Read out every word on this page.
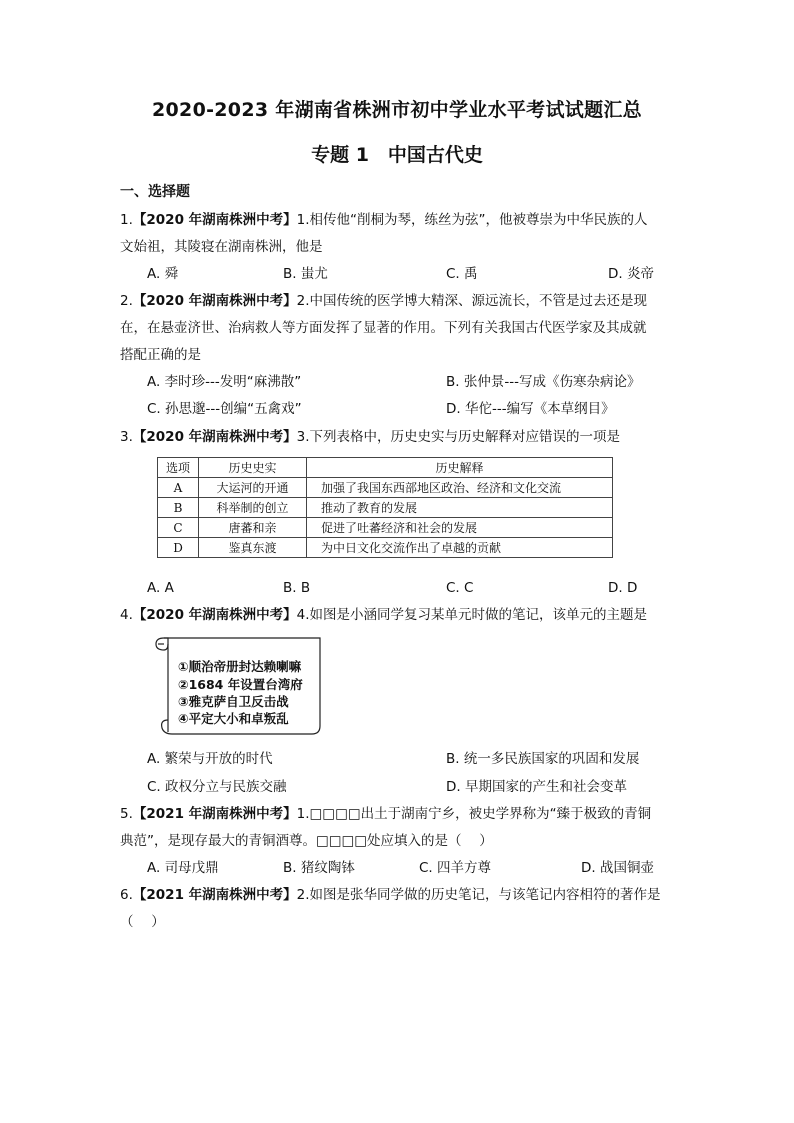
2020-2023 年湖南省株洲市初中学业水平考试试题汇总
专题 1　中国古代史
一、选择题
1.【2020 年湖南株洲中考】1.相传他“削桐为琴，练丝为弦”，他被尊崇为中华民族的人
文始祖，其陵寝在湖南株洲，他是
A. 舜	B. 蚩尤	C. 禹	D. 炎帝
2.【2020 年湖南株洲中考】2.中国传统的医学博大精深、源远流长，不管是过去还是现
在，在悬壶济世、治病救人等方面发挥了显著的作用。下列有关我国古代医学家及其成就
搭配正确的是
A. 李时珍---发明“麻沸散”	B. 张仲景---写成《伤寒杂病论》
C. 孙思邈---创编“五禽戏”	D. 华佗---编写《本草纲目》
3.【2020 年湖南株洲中考】3.下列表格中，历史史实与历史解释对应错误的一项是
选项	历史史实	历史解释
A	大运河的开通	加强了我国东西部地区政治、经济和文化交流
B	科举制的创立	推动了教育的发展
C	唐蕃和亲	促进了吐蕃经济和社会的发展
D	鉴真东渡	为中日文化交流作出了卓越的贡献
A. A	B. B	C. C	D. D
4.【2020 年湖南株洲中考】4.如图是小涵同学复习某单元时做的笔记，该单元的主题是
①顺治帝册封达赖喇嘛
②1684 年设置台湾府
③雅克萨自卫反击战
④平定大小和卓叛乱
A. 繁荣与开放的时代	B. 统一多民族国家的巩固和发展
C. 政权分立与民族交融	D. 早期国家的产生和社会变革
5.【2021 年湖南株洲中考】1.□□□□出土于湖南宁乡，被史学界称为“臻于极致的青铜
典范”，是现存最大的青铜酒尊。□□□□处应填入的是（　 ）
A. 司母戊鼎	B. 猪纹陶钵	C. 四羊方尊	D. 战国铜壶
6.【2021 年湖南株洲中考】2.如图是张华同学做的历史笔记，与该笔记内容相符的著作是
（　 ）
